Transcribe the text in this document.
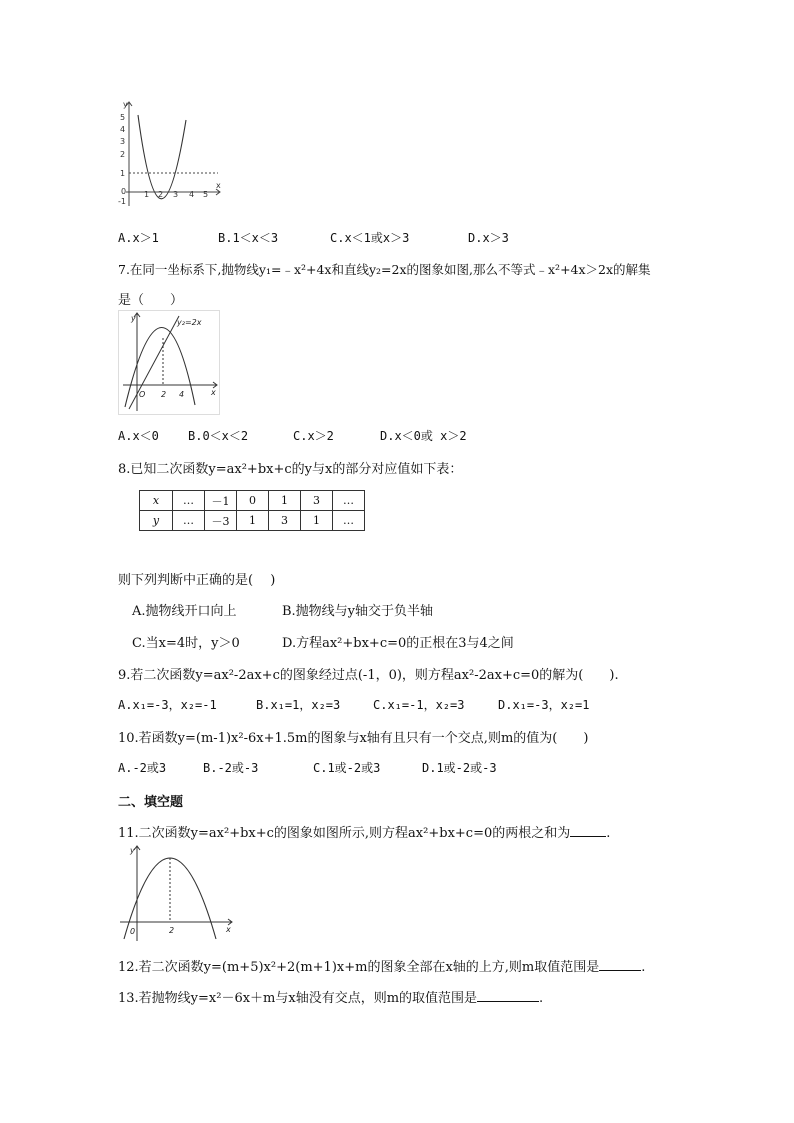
y
x
5
4
3
2
1
0
-1
1 2 3 4 5
A.x＞1	B.1＜x＜3	C.x＜1或x＞3	D.x＞3
7.在同一坐标系下,抛物线y₁=﹣x²+4x和直线y₂=2x的图象如图,那么不等式﹣x²+4x＞2x的解集
是（　　）
y
x
y₂=2x
O 2 4
A.x＜0 B.0＜x＜2	C.x＞2	D.x＜0或 x＞2
8.已知二次函数y=ax²+bx+c的y与x的部分对应值如下表：
x	…	－1	0	1	3	…
y	…	－3	1	3	1	…
则下列判断中正确的是(　 )
A.抛物线开口向上	B.抛物线与y轴交于负半轴
C.当x=4时，y＞0	D.方程ax²+bx+c=0的正根在3与4之间
9.若二次函数y=ax²-2ax+c的图象经过点(-1，0)，则方程ax²-2ax+c=0的解为(　　).
A.x₁=-3，x₂=-1	B.x₁=1，x₂=3	C.x₁=-1，x₂=3	D.x₁=-3，x₂=1
10.若函数y=(m-1)x²-6x+1.5m的图象与x轴有且只有一个交点,则m的值为(　　)
A.-2或3	B.-2或-3	C.1或-2或3	D.1或-2或-3
二、填空题
11.二次函数y=ax²+bx+c的图象如图所示,则方程ax²+bx+c=0的两根之和为	.
y
x
0	2
12.若二次函数y=(m+5)x²+2(m+1)x+m的图象全部在x轴的上方,则m取值范围是	.
13.若抛物线y=x²－6x＋m与x轴没有交点，则m的取值范围是	.
